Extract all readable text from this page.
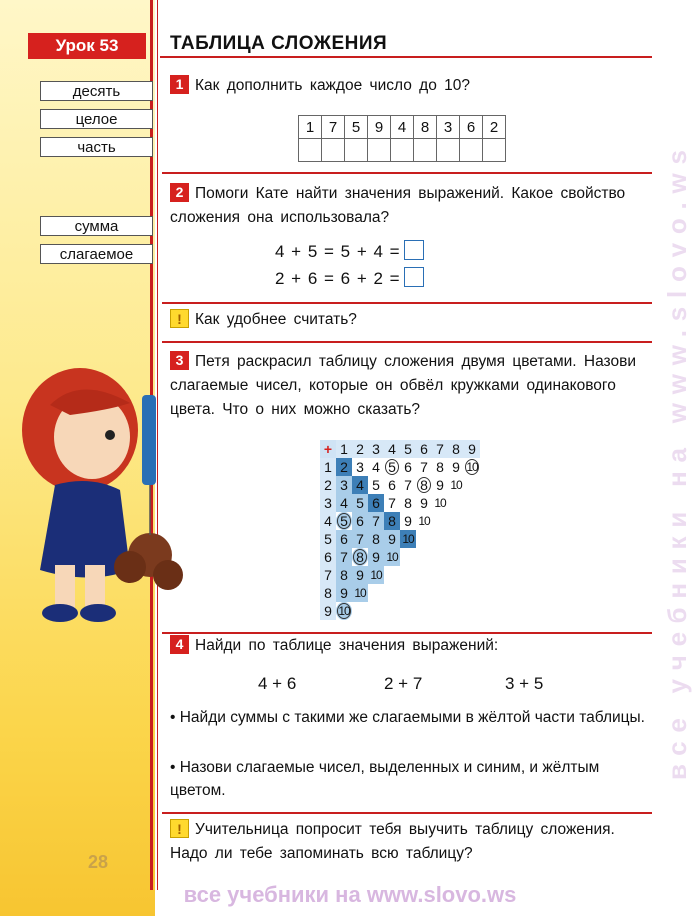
Урок 53	ТАБЛИЦА СЛОЖЕНИЯ
десять
целое
часть
сумма
слагаемое
1 Как дополнить каждое число до 10?
1	7	5	9	4	8	3	6	2

2 Помоги Кате найти значения выражений. Какое свойство сложения она использовала?
4 + 5 = 5 + 4 =
2 + 6 = 6 + 2 =
! Как удобнее считать?
3 Петя раскрасил таблицу сложения двумя цветами. Назови слагаемые чисел, которые он обвёл кружками одинакового цвета. Что о них можно сказать?
+ 1 2 3 4 5 6 7 8 9
1 2 3 4 5 6 7 8 9 10
2 3 4 5 6 7 8 9 10
3 4 5 6 7 8 9 10
4 5 6 7 8 9 10
5 6 7 8 9 10
6 7 8 9 10
7 8 9 10
8 9 10
9 10
4 Найди по таблице значения выражений:
4 + 6	2 + 7	3 + 5
• Найди суммы с такими же слагаемыми в жёлтой части таблицы.
• Назови слагаемые чисел, выделенных и синим, и жёлтым цветом.
! Учительница попросит тебя выучить таблицу сложения. Надо ли тебе запоминать всю таблицу?
28
все учебники на www.slovo.ws
все учебники на www.slovo.ws
